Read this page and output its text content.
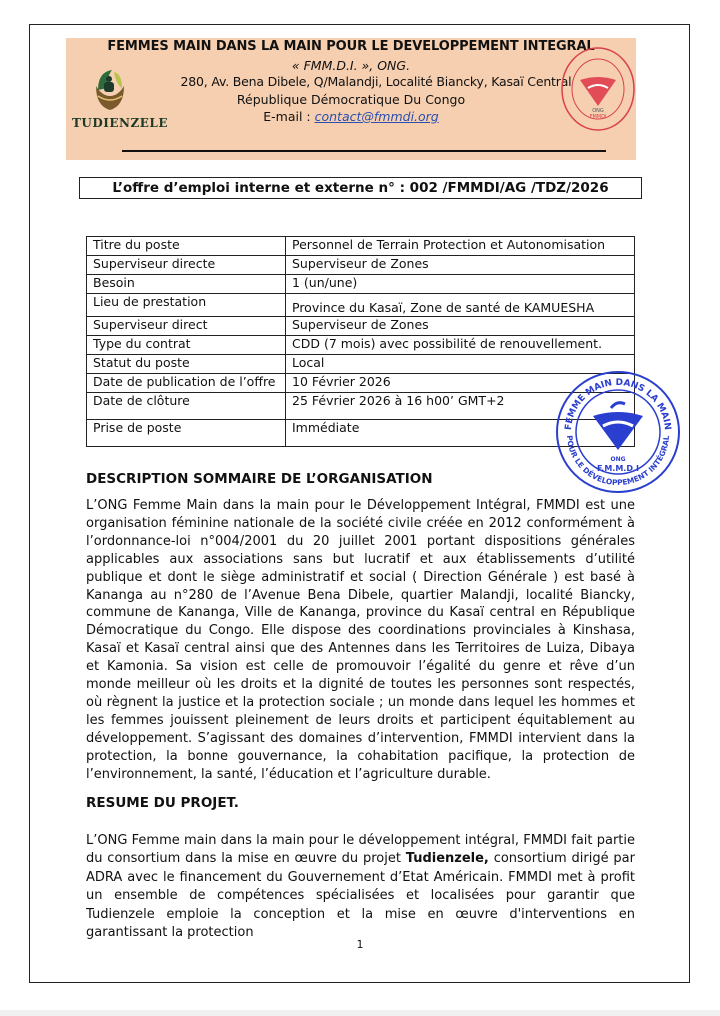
FEMMES MAIN DANS LA MAIN POUR LE DEVELOPPEMENT INTEGRAL
« FMM.D.I. », ONG.
280, Av. Bena Dibele, Q/Malandji, Localité Biancky, Kasaï Central
République Démocratique Du Congo
E-mail : contact@fmmdi.org
TUDIENZELE
ONG
FMMDI
L’offre d’emploi interne et externe n° : 002 /FMMDI/AG /TDZ/2026
Titre du poste	Personnel de Terrain Protection et Autonomisation
Superviseur directe	Superviseur de Zones
Besoin	1 (un/une)
Lieu de prestation	Province du Kasaï, Zone de santé de KAMUESHA
Superviseur direct	Superviseur de Zones
Type du contrat	CDD (7 mois) avec possibilité de renouvellement.
Statut du poste	Local
Date de publication de l’offre	10 Février 2026
Date de clôture	25 Février 2026 à 16 h00’ GMT+2
Prise de poste	Immédiate	FEMME MAIN DANS LA MAIN
POUR LE DÉVELOPPEMENT INTÉGRAL
ONG
F.M.M.D.I
DESCRIPTION SOMMAIRE DE L’ORGANISATION
L’ONG Femme Main dans la main pour le Développement Intégral, FMMDI est une organisation féminine nationale de la société civile créée en 2012 conformément à l’ordonnance-loi n°004/2001 du 20 juillet 2001 portant dispositions générales applicables aux associations sans but lucratif et aux établissements d’utilité publique et dont le siège administratif et social ( Direction Générale ) est basé à Kananga au n°280 de l’Avenue Bena Dibele, quartier Malandji, localité Biancky, commune de Kananga, Ville de Kananga, province du Kasaï central en République Démocratique du Congo. Elle dispose des coordinations provinciales à Kinshasa, Kasaï et Kasaï central ainsi que des Antennes dans les Territoires de Luiza, Dibaya et Kamonia. Sa vision est celle de promouvoir l’égalité du genre et rêve d’un monde meilleur où les droits et la dignité de toutes les personnes sont respectés, où règnent la justice et la protection sociale ; un monde dans lequel les hommes et les femmes jouissent pleinement de leurs droits et participent équitablement au développement. S’agissant des domaines d’intervention, FMMDI intervient dans la protection, la bonne gouvernance, la cohabitation pacifique, la protection de l’environnement, la santé, l’éducation et l’agriculture durable.
RESUME DU PROJET.
L’ONG Femme main dans la main pour le développement intégral, FMMDI fait partie du consortium dans la mise en œuvre du projet Tudienzele, consortium dirigé par ADRA avec le financement du Gouvernement d’Etat Américain. FMMDI met à profit un ensemble de compétences spécialisées et localisées pour garantir que Tudienzele emploie la conception et la mise en œuvre d'interventions en garantissant la protection
1
